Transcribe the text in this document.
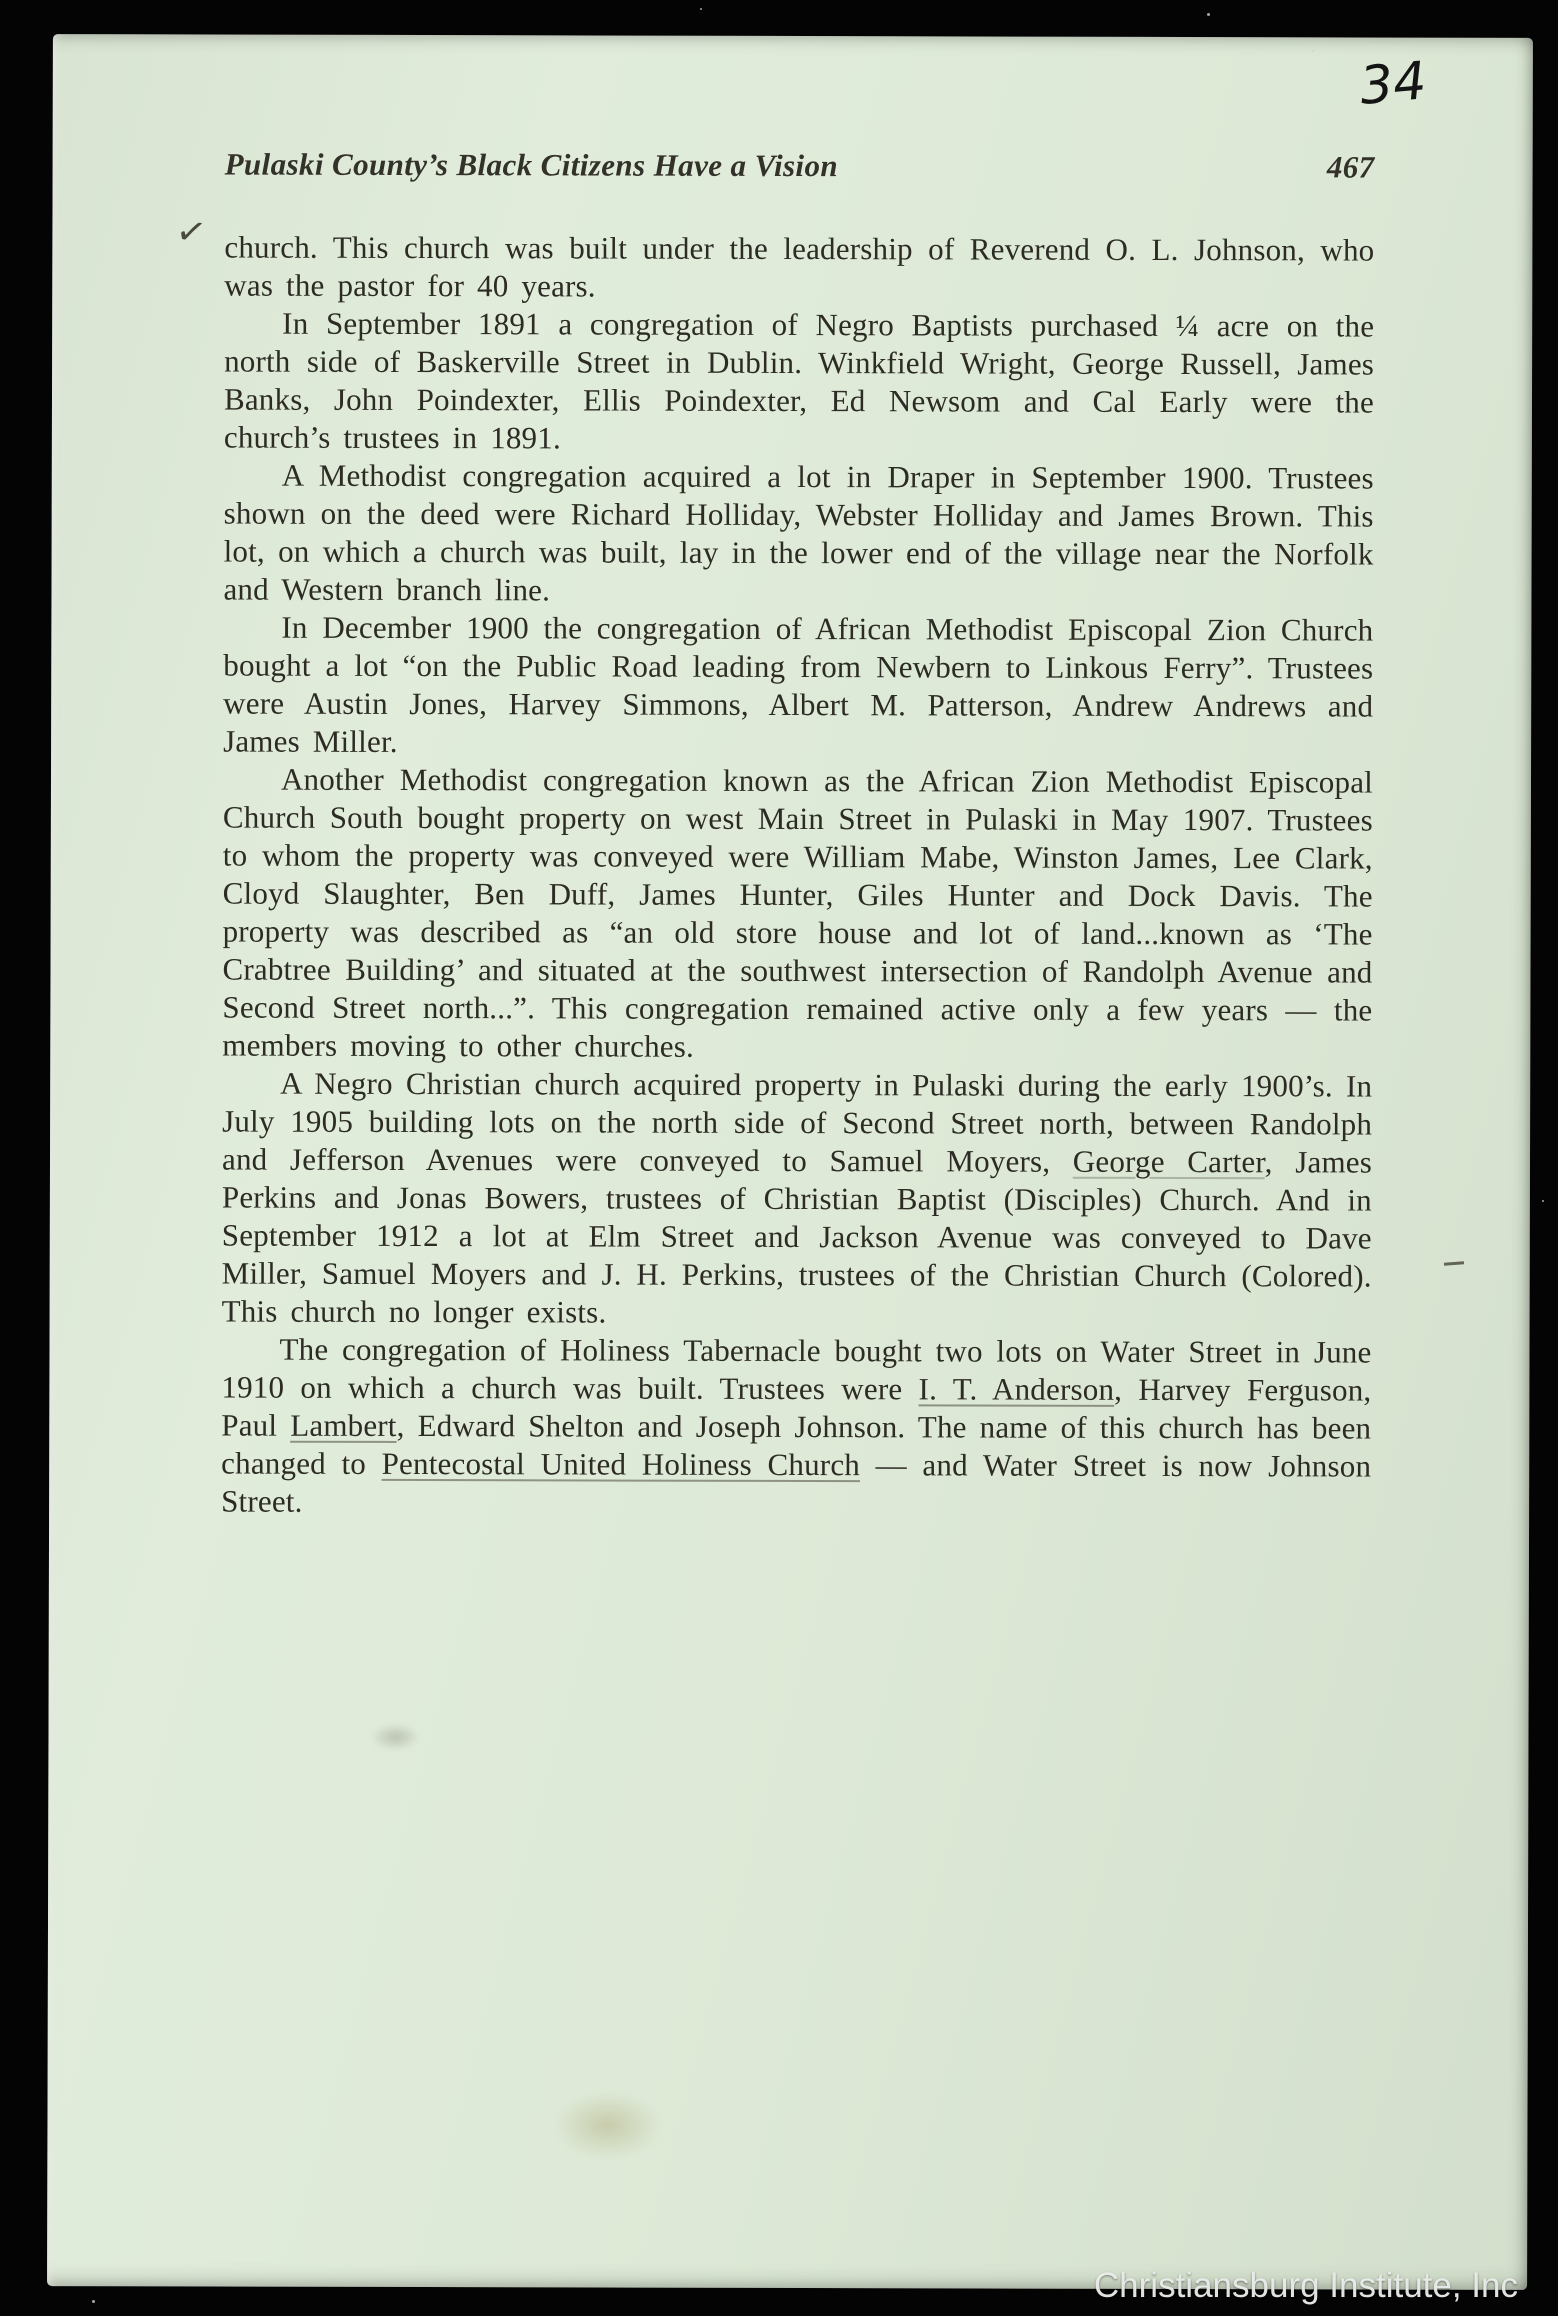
Pulaski County’s Black Citizens Have a Vision	467

church. This church was built under the leadership of Reverend O. L. Johnson, who was the pastor for 40 years.

In September 1891 a congregation of Negro Baptists purchased ¼ acre on the north side of Baskerville Street in Dublin. Winkfield Wright, George Russell, James Banks, John Poindexter, Ellis Poindexter, Ed Newsom and Cal Early were the church’s trustees in 1891.

A Methodist congregation acquired a lot in Draper in September 1900. Trustees shown on the deed were Richard Holliday, Webster Holliday and James Brown. This lot, on which a church was built, lay in the lower end of the village near the Norfolk and Western branch line.

In December 1900 the congregation of African Methodist Episcopal Zion Church bought a lot “on the Public Road leading from Newbern to Linkous Ferry”. Trustees were Austin Jones, Harvey Simmons, Albert M. Patterson, Andrew Andrews and James Miller.

Another Methodist congregation known as the African Zion Methodist Episcopal Church South bought property on west Main Street in Pulaski in May 1907. Trustees to whom the property was conveyed were William Mabe, Winston James, Lee Clark, Cloyd Slaughter, Ben Duff, James Hunter, Giles Hunter and Dock Davis. The property was described as “an old store house and lot of land...known as ‘The Crabtree Building’ and situated at the southwest intersection of Randolph Avenue and Second Street north...”. This congregation remained active only a few years — the members moving to other churches.

A Negro Christian church acquired property in Pulaski during the early 1900’s. In July 1905 building lots on the north side of Second Street north, between Randolph and Jefferson Avenues were conveyed to Samuel Moyers, George Carter, James Perkins and Jonas Bowers, trustees of Christian Baptist (Disciples) Church. And in September 1912 a lot at Elm Street and Jackson Avenue was conveyed to Dave Miller, Samuel Moyers and J. H. Perkins, trustees of the Christian Church (Colored). This church no longer exists.

The congregation of Holiness Tabernacle bought two lots on Water Street in June 1910 on which a church was built. Trustees were I. T. Anderson, Harvey Ferguson, Paul Lambert, Edward Shelton and Joseph Johnson. The name of this church has been changed to Pentecostal United Holiness Church — and Water Street is now Johnson Street.

34
✓
Christiansburg Institute, Inc
